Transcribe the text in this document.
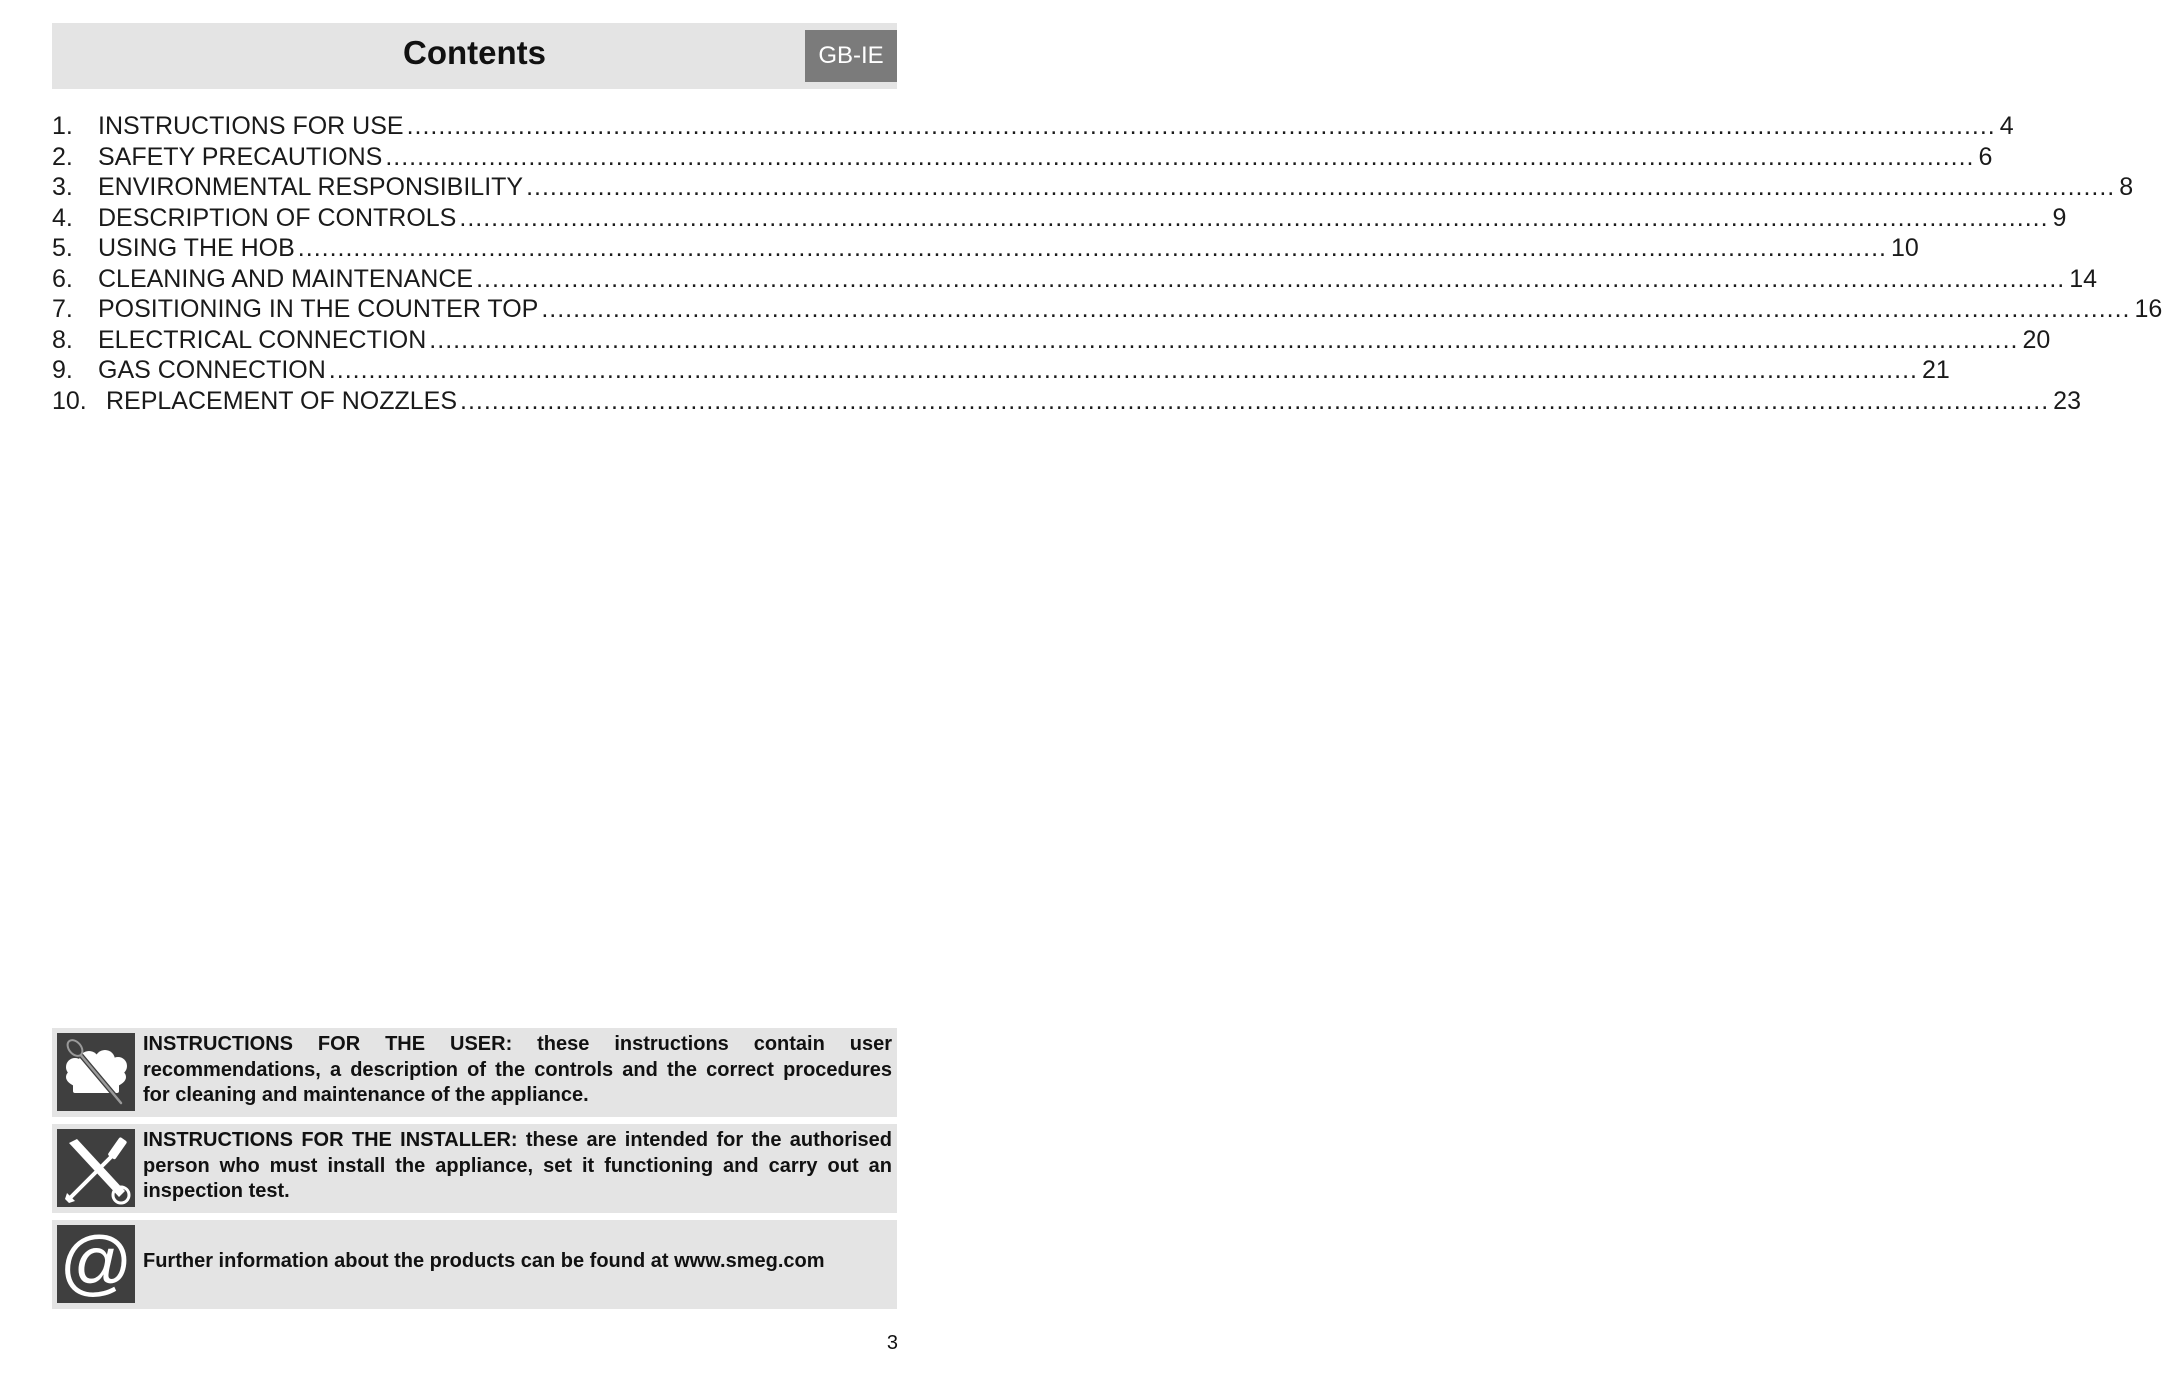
Contents	GB-IE
1.	INSTRUCTIONS FOR USE ........................................................................................................................................................................................................ 4
2.	SAFETY PRECAUTIONS ........................................................................................................................................................................................................ 6
3.	ENVIRONMENTAL RESPONSIBILITY ........................................................................................................................................................................................................ 8
4.	DESCRIPTION OF CONTROLS ........................................................................................................................................................................................................ 9
5.	USING THE HOB ........................................................................................................................................................................................................ 10
6.	CLEANING AND MAINTENANCE ........................................................................................................................................................................................................ 14
7.	POSITIONING IN THE COUNTER TOP ........................................................................................................................................................................................................ 16
8.	ELECTRICAL CONNECTION ........................................................................................................................................................................................................ 20
9.	GAS CONNECTION ........................................................................................................................................................................................................ 21
10. REPLACEMENT OF NOZZLES ........................................................................................................................................................................................................ 23
INSTRUCTIONS FOR THE USER: these instructions contain user recommendations, a description of the controls and the correct procedures for cleaning and maintenance of the appliance.
INSTRUCTIONS FOR THE INSTALLER: these are intended for the authorised person who must install the appliance, set it functioning and carry out an inspection test.
@ Further information about the products can be found at www.smeg.com
3
